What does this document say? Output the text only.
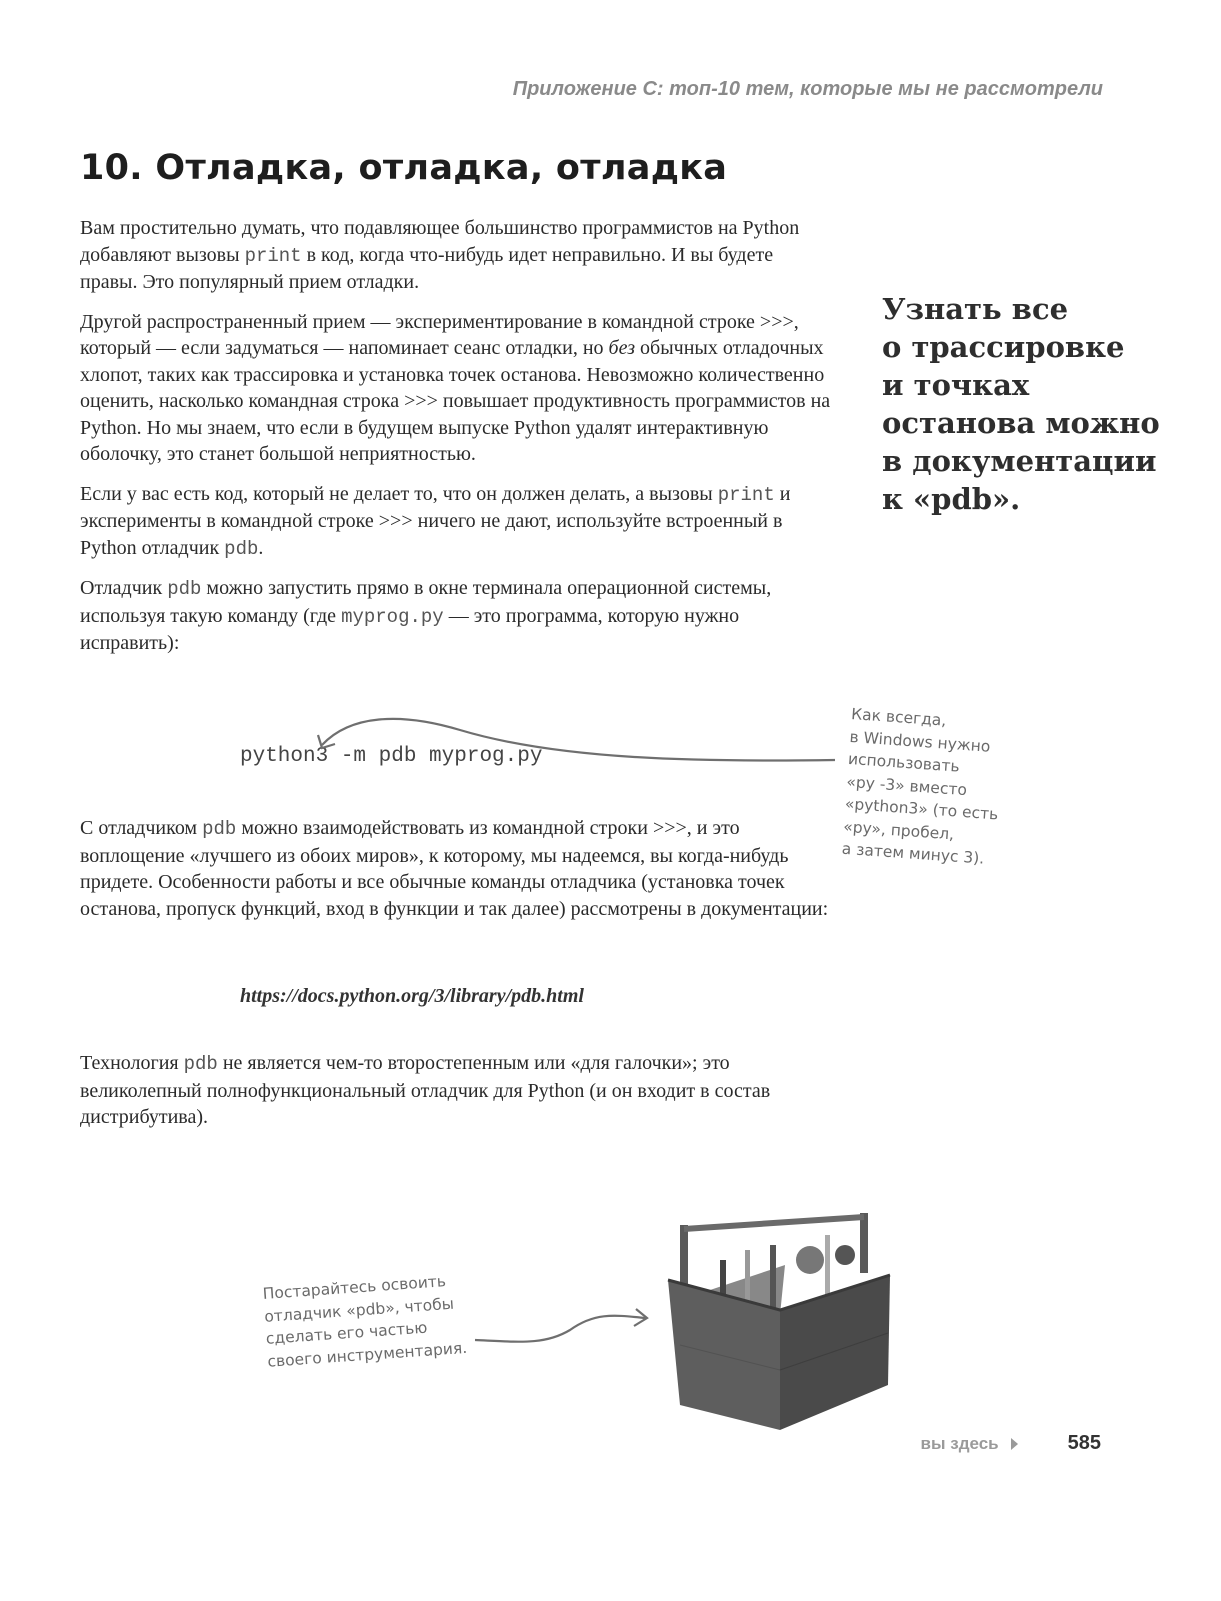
Приложение C: топ-10 тем, которые мы не рассмотрели
10. Отладка, отладка, отладка

Вам простительно думать, что подавляющее большинство программистов на Python добавляют вызовы print в код, когда что-нибудь идет неправильно. И вы будете правы. Это популярный прием отладки.

Другой распространенный прием — экспериментирование в командной строке >>>, который — если задуматься — напоминает сеанс отладки, но без обычных отладочных хлопот, таких как трассировка и установка точек останова. Невозможно количественно оценить, насколько командная строка >>> повышает продуктивность программистов на Python. Но мы знаем, что если в будущем выпуске Python удалят интерактивную оболочку, это станет большой неприятностью.

Если у вас есть код, который не делает то, что он должен делать, а вызовы print и эксперименты в командной строке >>> ничего не дают, используйте встроенный в Python отладчик pdb.

Отладчик pdb можно запустить прямо в окне терминала операционной системы, используя такую команду (где myprog.py — это программа, которую нужно исправить):

python3 -m pdb myprog.py

С отладчиком pdb можно взаимодействовать из командной строки >>>, и это воплощение «лучшего из обоих миров», к которому, мы надеемся, вы когда-нибудь придете. Особенности работы и все обычные команды отладчика (установка точек останова, пропуск функций, вход в функции и так далее) рассмотрены в документации:

https://docs.python.org/3/library/pdb.html

Технология pdb не является чем-то второстепенным или «для галочки»; это великолепный полнофункциональный отладчик для Python (и он входит в состав дистрибутива).

Узнать все
о трассировке
и точках
останова можно
в документации
к «pdb».
Как всегда,
в Windows нужно
использовать
«py -3» вместо
«python3» (то есть
«py», пробел,
а затем минус 3).
Постарайтесь освоить
отладчик «pdb», чтобы
сделать его частью
своего инструментария.
вы здесь	585
